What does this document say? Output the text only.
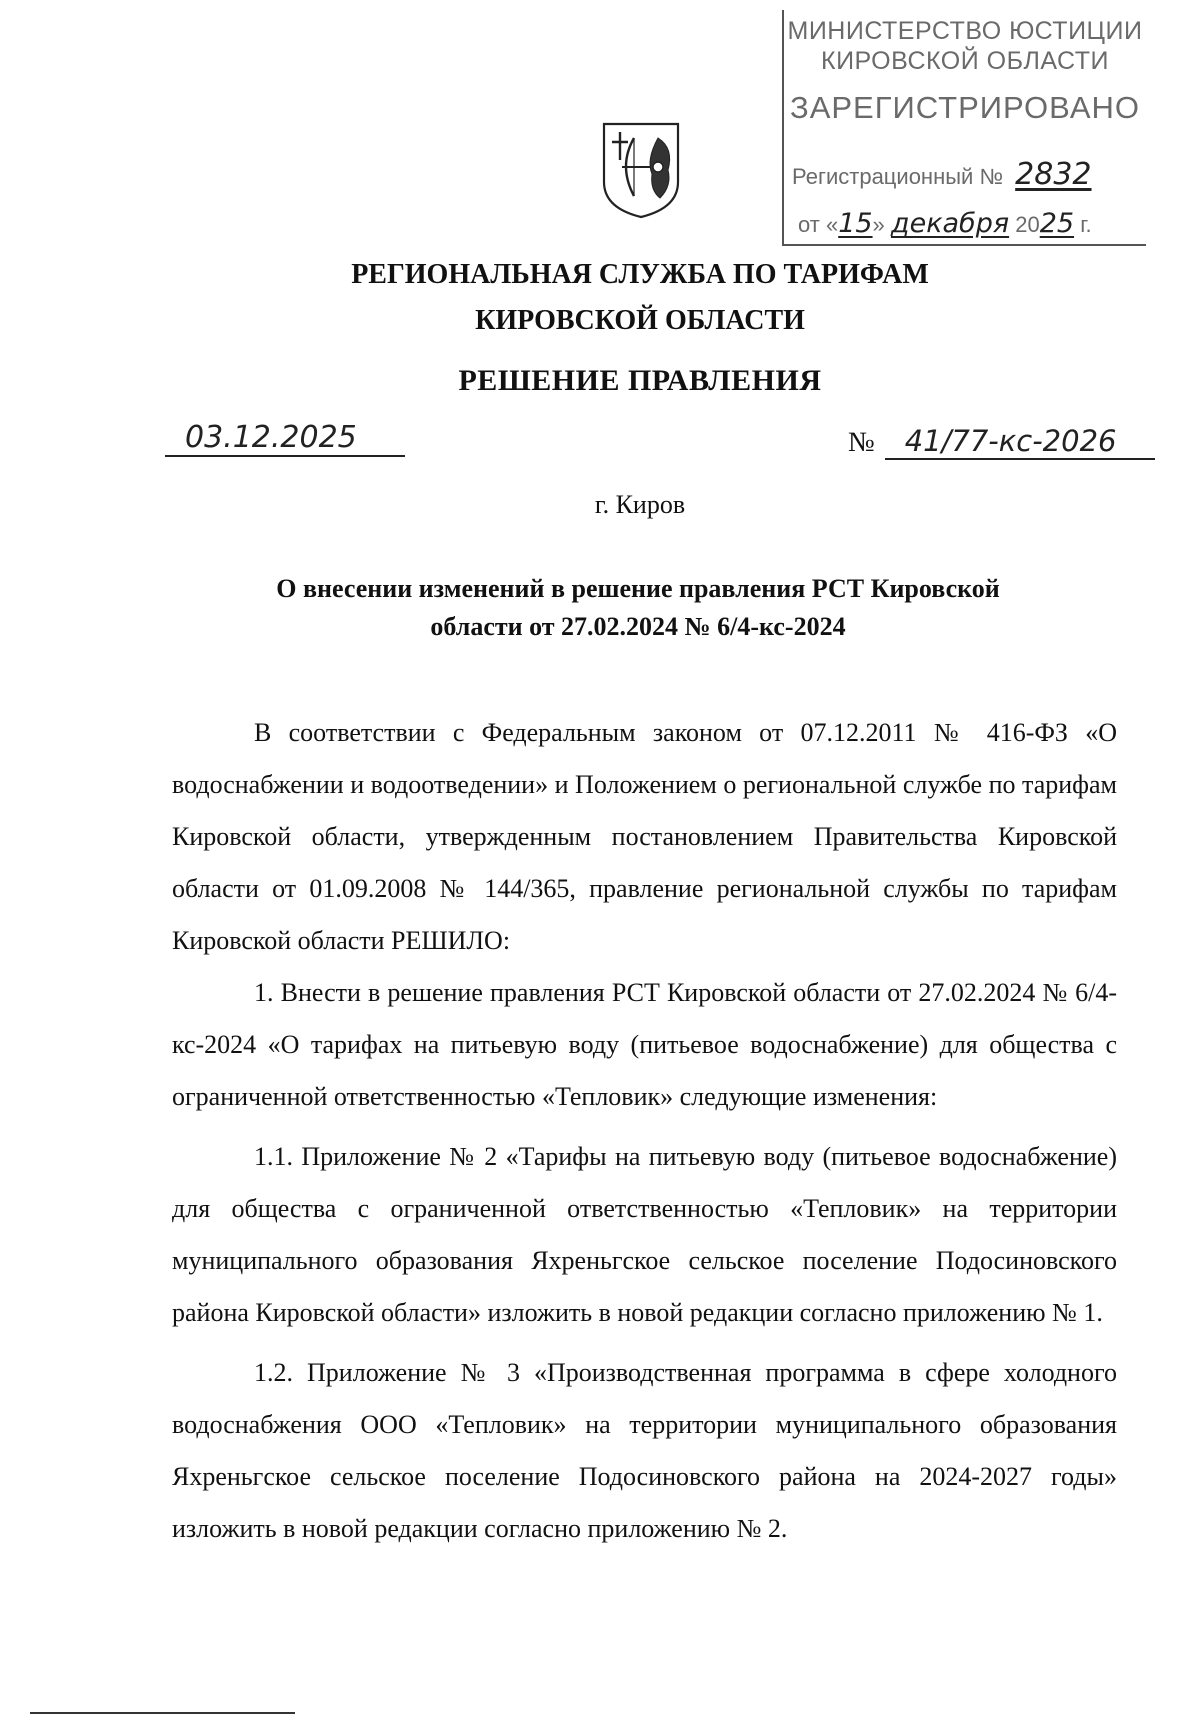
МИНИСТЕРСТВО ЮСТИЦИИ
КИРОВСКОЙ ОБЛАСТИ
ЗАРЕГИСТРИРОВАНО
Регистрационный № 2832
от «15» декабря 2025 г.
РЕГИОНАЛЬНАЯ СЛУЖБА ПО ТАРИФАМ
КИРОВСКОЙ ОБЛАСТИ
РЕШЕНИЕ ПРАВЛЕНИЯ
03.12.2025	№ 41/77-кс-2026
г. Киров
О внесении изменений в решение правления РСТ Кировской
области от 27.02.2024 № 6/4-кс-2024

В соответствии с Федеральным законом от 07.12.2011 № 416-ФЗ «О водоснабжении и водоотведении» и Положением о региональной службе по тарифам Кировской области, утвержденным постановлением Правительства Кировской области от 01.09.2008 № 144/365, правление региональной службы по тарифам Кировской области РЕШИЛО:

1. Внести в решение правления РСТ Кировской области от 27.02.2024 № 6/4-кс-2024 «О тарифах на питьевую воду (питьевое водоснабжение) для общества с ограниченной ответственностью «Тепловик» следующие изменения:

1.1. Приложение № 2 «Тарифы на питьевую воду (питьевое водоснабжение) для общества с ограниченной ответственностью «Тепловик» на территории муниципального образования Яхреньгское сельское поселение Подосиновского района Кировской области» изложить в новой редакции согласно приложению № 1.

1.2. Приложение № 3 «Производственная программа в сфере холодного водоснабжения ООО «Тепловик» на территории муниципального образования Яхреньгское сельское поселение Подосиновского района на 2024-2027 годы» изложить в новой редакции согласно приложению № 2.
